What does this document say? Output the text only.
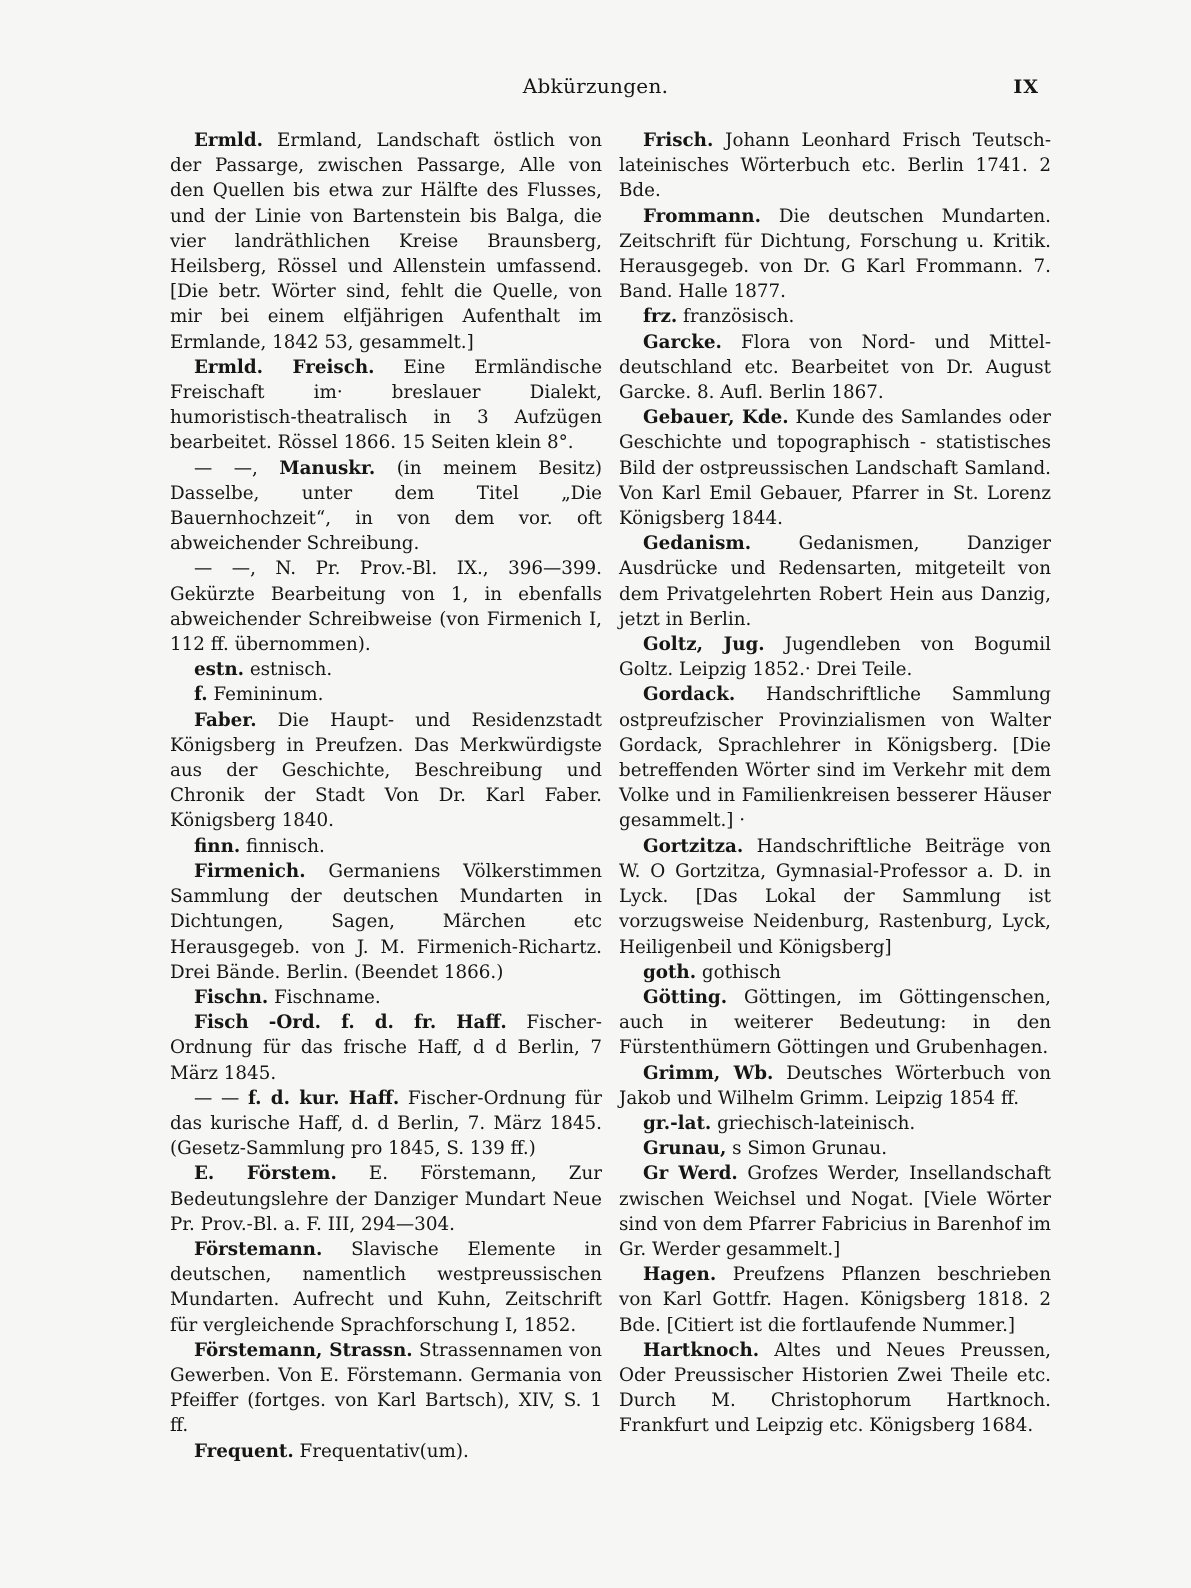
Abkürzungen.	IX

Ermld. Ermland, Landschaft östlich von der Passarge, zwischen Passarge, Alle von den Quellen bis etwa zur Hälfte des Flusses, und der Linie von Bartenstein bis Balga, die vier landräthlichen Kreise Braunsberg, Heilsberg, Rössel und Allenstein umfassend. [Die betr. Wörter sind, fehlt die Quelle, von mir bei einem elfjährigen Aufenthalt im Ermlande, 1842 53, gesammelt.]

Ermld. Freisch. Eine Ermländische Freischaft im· breslauer Dialekt, humoristisch-theatralisch in 3 Aufzügen bearbeitet. Rössel 1866. 15 Seiten klein 8°.

— —, Manuskr. (in meinem Besitz) Dasselbe, unter dem Titel „Die Bauernhochzeit“, in von dem vor. oft abweichender Schreibung.

— —, N. Pr. Prov.-Bl. IX., 396—399. Gekürzte Bearbeitung von 1, in ebenfalls abweichender Schreibweise (von Firmenich I, 112 ff. übernommen).

estn. estnisch.

f. Femininum.

Faber. Die Haupt- und Residenzstadt Königsberg in Preufzen. Das Merkwürdigste aus der Geschichte, Beschreibung und Chronik der Stadt Von Dr. Karl Faber. Königsberg 1840.

finn. finnisch.

Firmenich. Germaniens Völkerstimmen Sammlung der deutschen Mundarten in Dichtungen, Sagen, Märchen etc Herausgegeb. von J. M. Firmenich-Richartz. Drei Bände. Berlin. (Beendet 1866.)

Fischn. Fischname.

Fisch -Ord. f. d. fr. Haff. Fischer-Ordnung für das frische Haff, d d Berlin, 7 März 1845.

— — f. d. kur. Haff. Fischer-Ordnung für das kurische Haff, d. d Berlin, 7. März 1845. (Gesetz-Sammlung pro 1845, S. 139 ff.)

E. Förstem. E. Förstemann, Zur Bedeutungslehre der Danziger Mundart Neue Pr. Prov.-Bl. a. F. III, 294—304.

Förstemann. Slavische Elemente in deutschen, namentlich westpreussischen Mundarten. Aufrecht und Kuhn, Zeitschrift für vergleichende Sprachforschung I, 1852.

Förstemann, Strassn. Strassennamen von Gewerben. Von E. Förstemann. Germania von Pfeiffer (fortges. von Karl Bartsch), XIV, S. 1 ff.

Frequent. Frequentativ(um).

Frisch. Johann Leonhard Frisch Teutsch-lateinisches Wörterbuch etc. Berlin 1741. 2 Bde.

Frommann. Die deutschen Mundarten. Zeitschrift für Dichtung, Forschung u. Kritik. Herausgegeb. von Dr. G Karl Frommann. 7. Band. Halle 1877.

frz. französisch.

Garcke. Flora von Nord- und Mittel-deutschland etc. Bearbeitet von Dr. August Garcke. 8. Aufl. Berlin 1867.

Gebauer, Kde. Kunde des Samlandes oder Geschichte und topographisch - statistisches Bild der ostpreussischen Landschaft Samland. Von Karl Emil Gebauer, Pfarrer in St. Lorenz Königsberg 1844.

Gedanism. Gedanismen, Danziger Ausdrücke und Redensarten, mitgeteilt von dem Privatgelehrten Robert Hein aus Danzig, jetzt in Berlin.

Goltz, Jug. Jugendleben von Bogumil Goltz. Leipzig 1852.· Drei Teile.

Gordack. Handschriftliche Sammlung ostpreufzischer Provinzialismen von Walter Gordack, Sprachlehrer in Königsberg. [Die betreffenden Wörter sind im Verkehr mit dem Volke und in Familienkreisen besserer Häuser gesammelt.] ·

Gortzitza. Handschriftliche Beiträge von W. O Gortzitza, Gymnasial-Professor a. D. in Lyck. [Das Lokal der Sammlung ist vorzugsweise Neidenburg, Rastenburg, Lyck, Heiligenbeil und Königsberg]

goth. gothisch

Götting. Göttingen, im Göttingenschen, auch in weiterer Bedeutung: in den Fürstenthümern Göttingen und Grubenhagen.

Grimm, Wb. Deutsches Wörterbuch von Jakob und Wilhelm Grimm. Leipzig 1854 ff.

gr.-lat. griechisch-lateinisch.

Grunau, s Simon Grunau.

Gr Werd. Grofzes Werder, Insellandschaft zwischen Weichsel und Nogat. [Viele Wörter sind von dem Pfarrer Fabricius in Barenhof im Gr. Werder gesammelt.]

Hagen. Preufzens Pflanzen beschrieben von Karl Gottfr. Hagen. Königsberg 1818. 2 Bde. [Citiert ist die fortlaufende Nummer.]

Hartknoch. Altes und Neues Preussen, Oder Preussischer Historien Zwei Theile etc. Durch M. Christophorum Hartknoch. Frankfurt und Leipzig etc. Königsberg 1684.
